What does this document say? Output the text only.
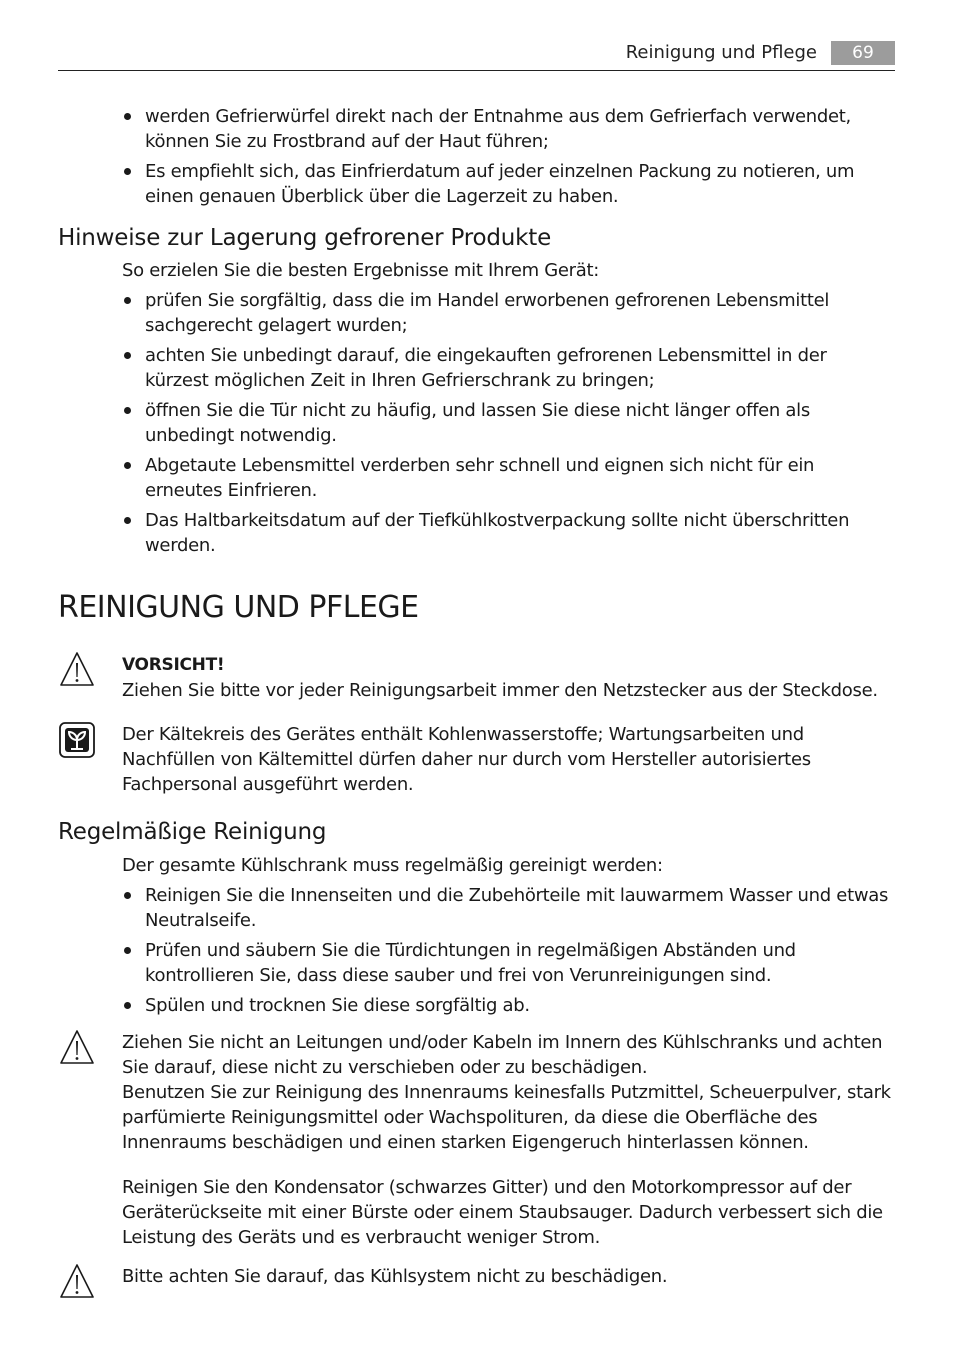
Reinigung und Pflege	69
werden Gefrierwürfel direkt nach der Entnahme aus dem Gefrierfach verwendet, können Sie zu Frostbrand auf der Haut führen;
Es empfiehlt sich, das Einfrierdatum auf jeder einzelnen Packung zu notieren, um einen genauen Überblick über die Lagerzeit zu haben.
Hinweise zur Lagerung gefrorener Produkte
So erzielen Sie die besten Ergebnisse mit Ihrem Gerät:
prüfen Sie sorgfältig, dass die im Handel erworbenen gefrorenen Lebensmittel sachgerecht gelagert wurden;
achten Sie unbedingt darauf, die eingekauften gefrorenen Lebensmittel in der kürzest möglichen Zeit in Ihren Gefrierschrank zu bringen;
öffnen Sie die Tür nicht zu häufig, und lassen Sie diese nicht länger offen als unbedingt notwendig.
Abgetaute Lebensmittel verderben sehr schnell und eignen sich nicht für ein erneutes Einfrieren.
Das Haltbarkeitsdatum auf der Tiefkühlkostverpackung sollte nicht überschritten werden.
REINIGUNG UND PFLEGE
VORSICHT!
Ziehen Sie bitte vor jeder Reinigungsarbeit immer den Netzstecker aus der Steckdose.
Der Kältekreis des Gerätes enthält Kohlenwasserstoffe; Wartungsarbeiten und Nachfüllen von Kältemittel dürfen daher nur durch vom Hersteller autorisiertes Fachpersonal ausgeführt werden.
Regelmäßige Reinigung
Der gesamte Kühlschrank muss regelmäßig gereinigt werden:
Reinigen Sie die Innenseiten und die Zubehörteile mit lauwarmem Wasser und etwas Neutralseife.
Prüfen und säubern Sie die Türdichtungen in regelmäßigen Abständen und kontrollieren Sie, dass diese sauber und frei von Verunreinigungen sind.
Spülen und trocknen Sie diese sorgfältig ab.
Ziehen Sie nicht an Leitungen und/oder Kabeln im Innern des Kühlschranks und achten Sie darauf, diese nicht zu verschieben oder zu beschädigen.
Benutzen Sie zur Reinigung des Innenraums keinesfalls Putzmittel, Scheuerpulver, stark parfümierte Reinigungsmittel oder Wachspolituren, da diese die Oberfläche des Innenraums beschädigen und einen starken Eigengeruch hinterlassen können.
Reinigen Sie den Kondensator (schwarzes Gitter) und den Motorkompressor auf der Geräterückseite mit einer Bürste oder einem Staubsauger. Dadurch verbessert sich die Leistung des Geräts und es verbraucht weniger Strom.
Bitte achten Sie darauf, das Kühlsystem nicht zu beschädigen.
